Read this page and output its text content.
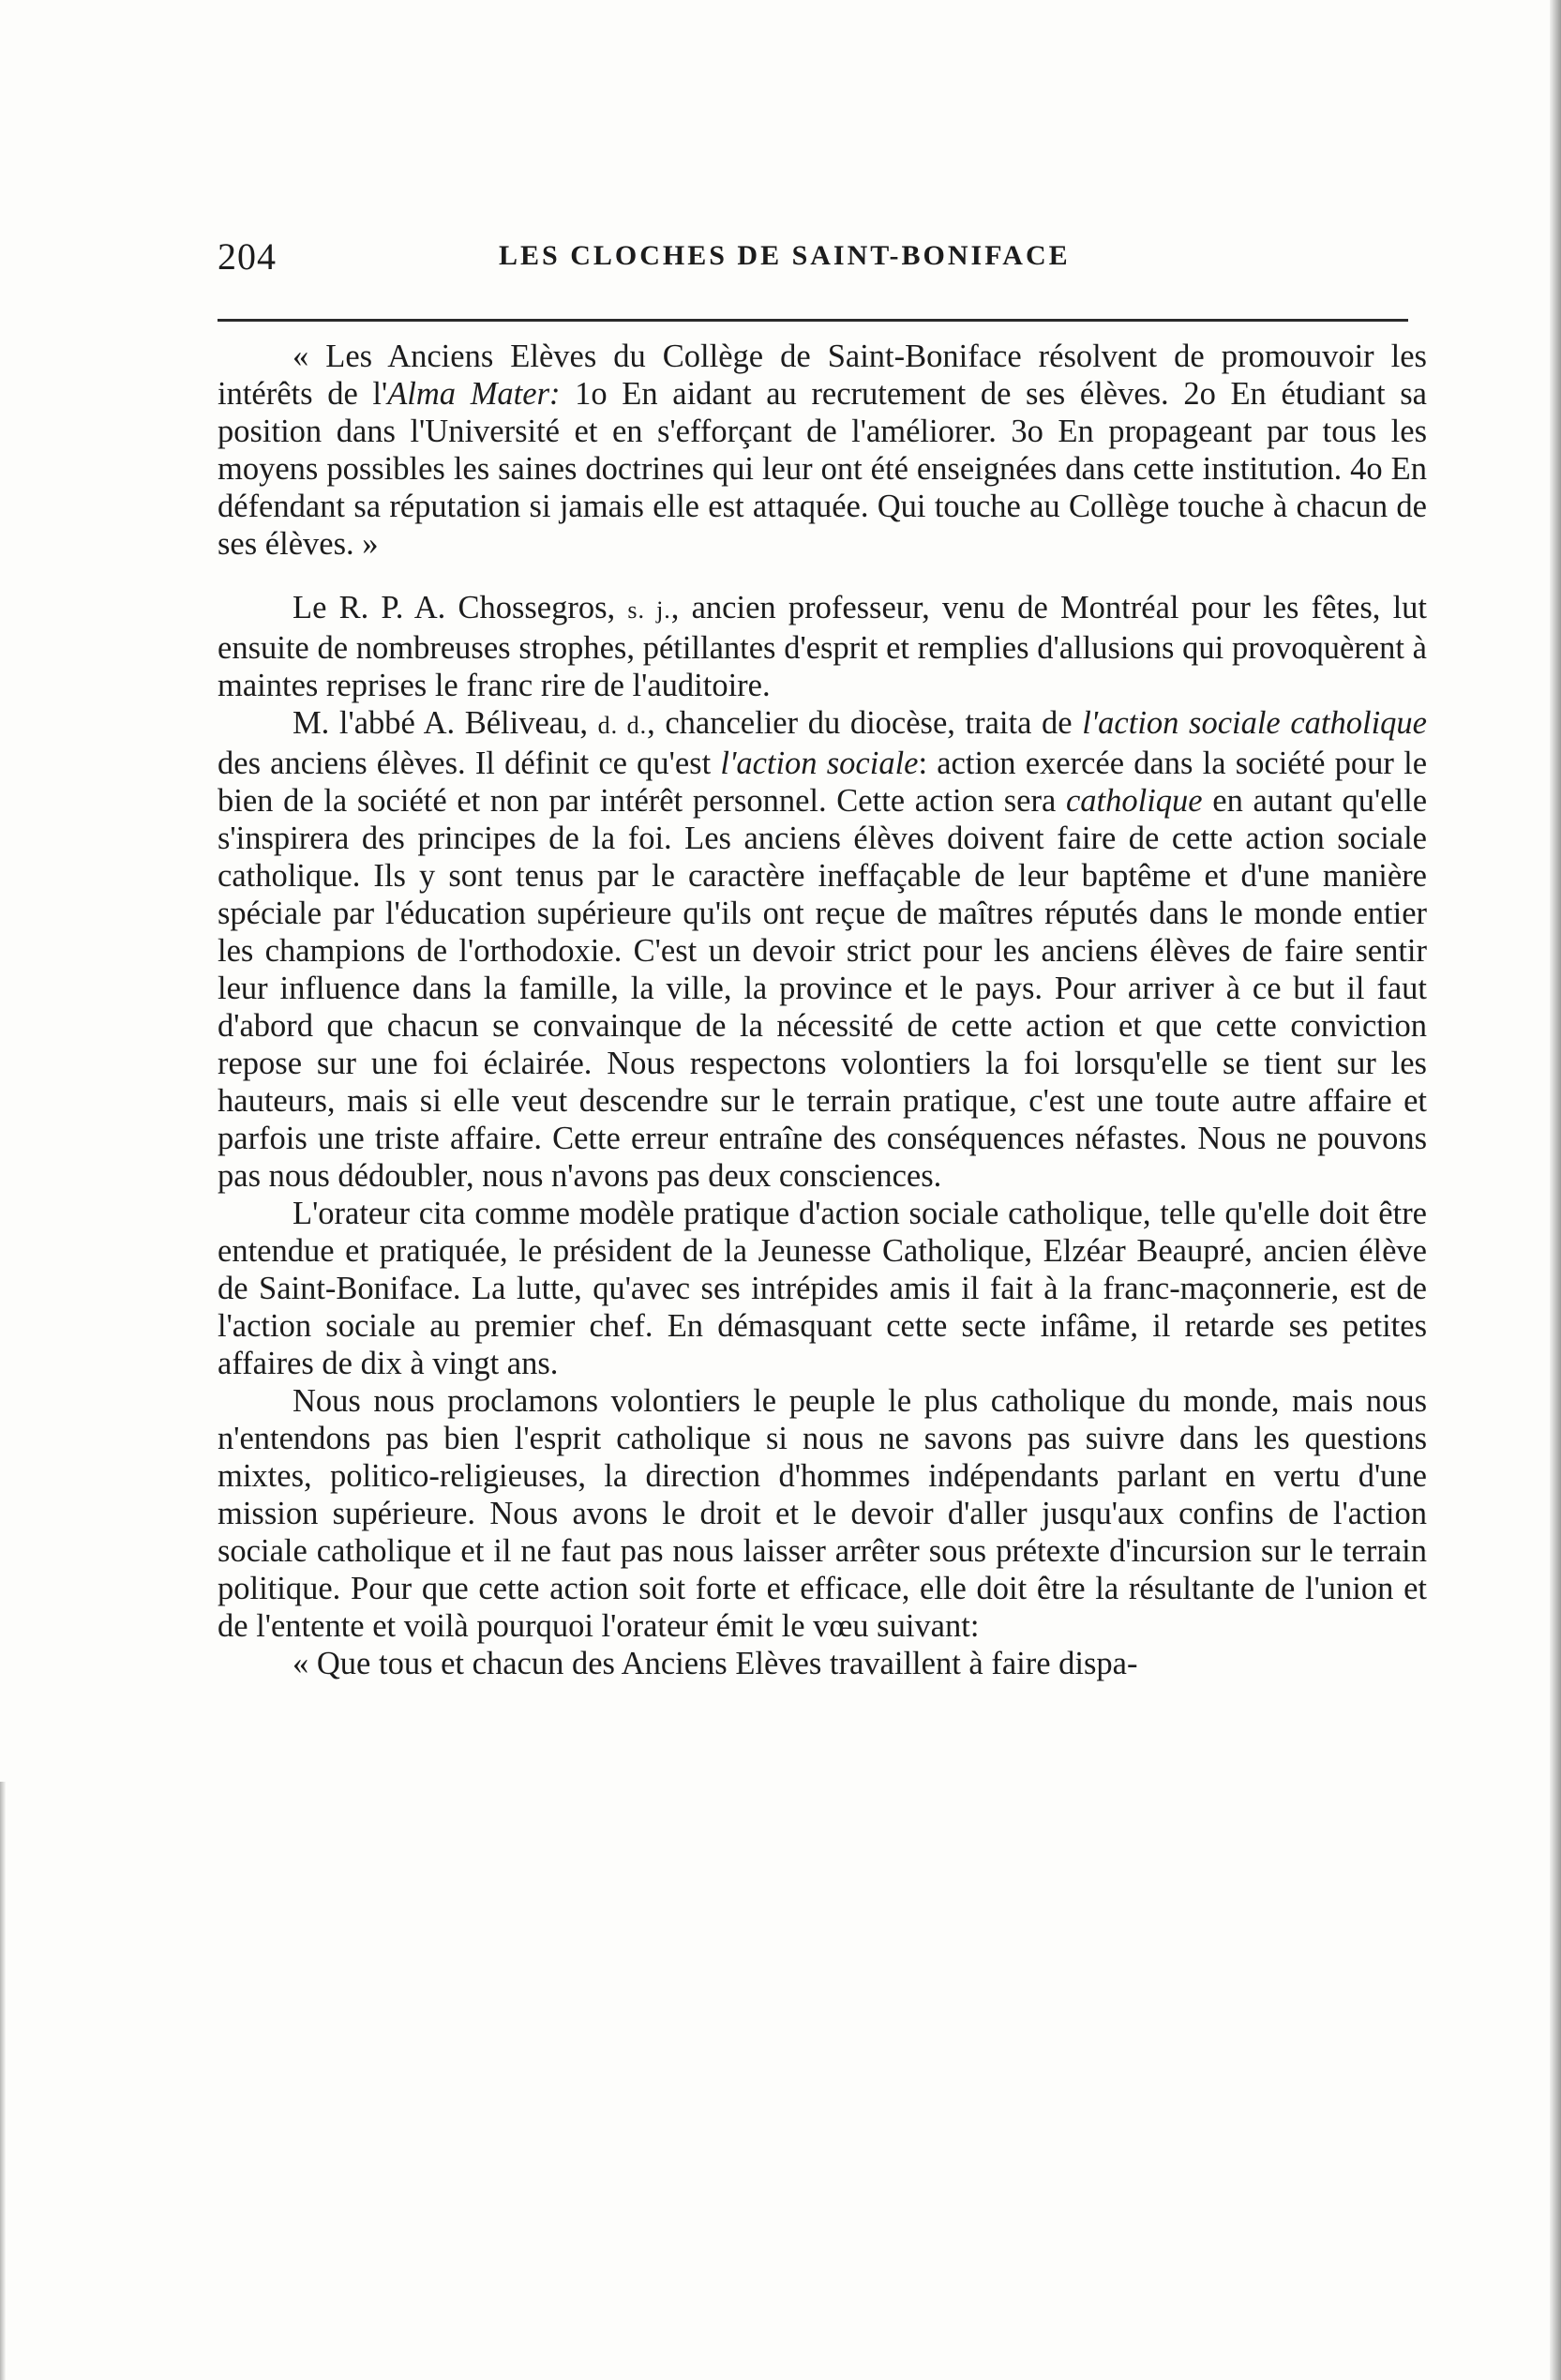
204	LES CLOCHES DE SAINT-BONIFACE

« Les Anciens Elèves du Collège de Saint-Boniface résolvent de promouvoir les intérêts de l'Alma Mater: 1o En aidant au recrutement de ses élèves. 2o En étudiant sa position dans l'Université et en s'efforçant de l'améliorer. 3o En propageant par tous les moyens possibles les saines doctrines qui leur ont été enseignées dans cette institution. 4o En défendant sa réputation si jamais elle est attaquée. Qui touche au Collège touche à chacun de ses élèves. »

Le R. P. A. Chossegros, s. j., ancien professeur, venu de Montréal pour les fêtes, lut ensuite de nombreuses strophes, pétillantes d'esprit et remplies d'allusions qui provoquèrent à maintes reprises le franc rire de l'auditoire.

M. l'abbé A. Béliveau, d. d., chancelier du diocèse, traita de l'action sociale catholique des anciens élèves. Il définit ce qu'est l'action sociale: action exercée dans la société pour le bien de la société et non par intérêt personnel. Cette action sera catholique en autant qu'elle s'inspirera des principes de la foi. Les anciens élèves doivent faire de cette action sociale catholique. Ils y sont tenus par le caractère ineffaçable de leur baptême et d'une manière spéciale par l'éducation supérieure qu'ils ont reçue de maîtres réputés dans le monde entier les champions de l'orthodoxie. C'est un devoir strict pour les anciens élèves de faire sentir leur influence dans la famille, la ville, la province et le pays. Pour arriver à ce but il faut d'abord que chacun se convainque de la nécessité de cette action et que cette conviction repose sur une foi éclairée. Nous respectons volontiers la foi lorsqu'elle se tient sur les hauteurs, mais si elle veut descendre sur le terrain pratique, c'est une toute autre affaire et parfois une triste affaire. Cette erreur entraîne des conséquences néfastes. Nous ne pouvons pas nous dédoubler, nous n'avons pas deux consciences.

L'orateur cita comme modèle pratique d'action sociale catholique, telle qu'elle doit être entendue et pratiquée, le président de la Jeunesse Catholique, Elzéar Beaupré, ancien élève de Saint-Boniface. La lutte, qu'avec ses intrépides amis il fait à la franc-maçonnerie, est de l'action sociale au premier chef. En démasquant cette secte infâme, il retarde ses petites affaires de dix à vingt ans.

Nous nous proclamons volontiers le peuple le plus catholique du monde, mais nous n'entendons pas bien l'esprit catholique si nous ne savons pas suivre dans les questions mixtes, politico-religieuses, la direction d'hommes indépendants parlant en vertu d'une mission supérieure. Nous avons le droit et le devoir d'aller jusqu'aux confins de l'action sociale catholique et il ne faut pas nous laisser arrêter sous prétexte d'incursion sur le terrain politique. Pour que cette action soit forte et efficace, elle doit être la résultante de l'union et de l'entente et voilà pourquoi l'orateur émit le vœu suivant:

« Que tous et chacun des Anciens Elèves travaillent à faire dispa-
